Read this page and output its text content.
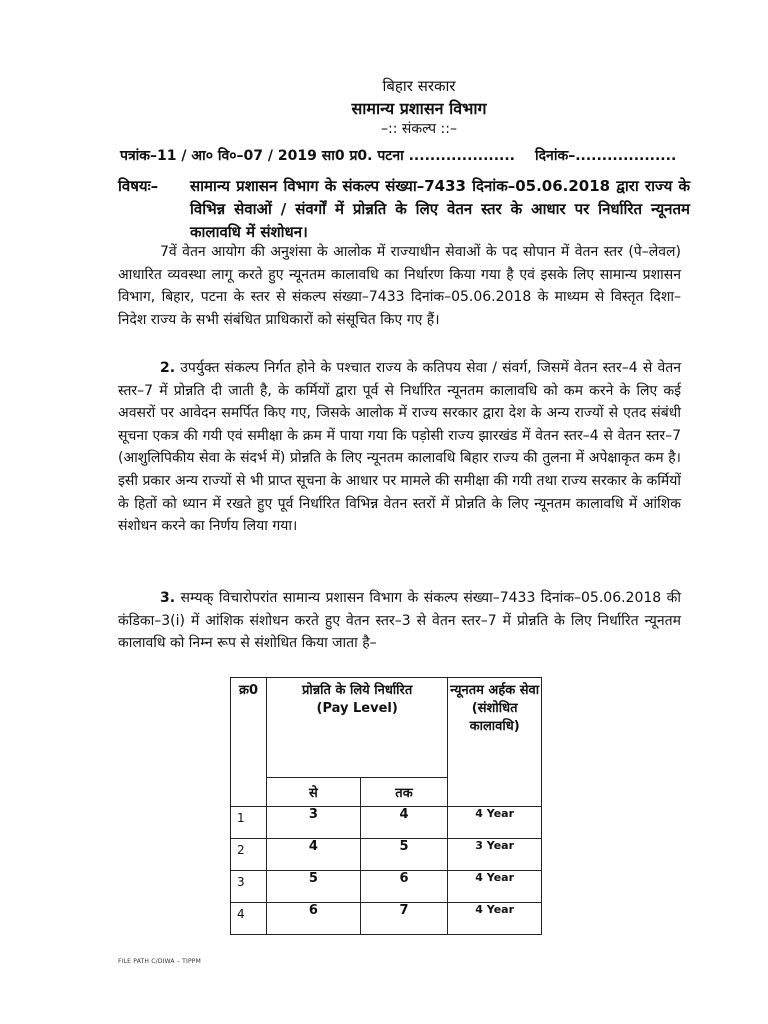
बिहार सरकार
सामान्य प्रशासन विभाग
–:: संकल्प ::–
पत्रांक–11 / आ० वि०–07 / 2019 सा0 प्र0. पटना .................... दिनांक–...................
विषयः– सामान्य प्रशासन विभाग के संकल्प संख्या–7433 दिनांक–05.06.2018 द्वारा राज्य के विभिन्न सेवाओं / संवर्गों में प्रोन्नति के लिए वेतन स्तर के आधार पर निर्धारित न्यूनतम कालावधि में संशोधन।
7वें वेतन आयोग की अनुशंसा के आलोक में राज्याधीन सेवाओं के पद सोपान में वेतन स्तर (पे–लेवल) आधारित व्यवस्था लागू करते हुए न्यूनतम कालावधि का निर्धारण किया गया है एवं इसके लिए सामान्य प्रशासन विभाग, बिहार, पटना के स्तर से संकल्प संख्या–7433 दिनांक–05.06.2018 के माध्यम से विस्तृत दिशा–निदेश राज्य के सभी संबंधित प्राधिकारों को संसूचित किए गए हैं।
2. उपर्युक्त संकल्प निर्गत होने के पश्चात राज्य के कतिपय सेवा / संवर्ग, जिसमें वेतन स्तर–4 से वेतन स्तर–7 में प्रोन्नति दी जाती है, के कर्मियों द्वारा पूर्व से निर्धारित न्यूनतम कालावधि को कम करने के लिए कई अवसरों पर आवेदन समर्पित किए गए, जिसके आलोक में राज्य सरकार द्वारा देश के अन्य राज्यों से एतद संबंधी सूचना एकत्र की गयी एवं समीक्षा के क्रम में पाया गया कि पड़ोसी राज्य झारखंड में वेतन स्तर–4 से वेतन स्तर–7 (आशुलिपिकीय सेवा के संदर्भ में) प्रोन्नति के लिए न्यूनतम कालावधि बिहार राज्य की तुलना में अपेक्षाकृत कम है। इसी प्रकार अन्य राज्यों से भी प्राप्त सूचना के आधार पर मामले की समीक्षा की गयी तथा राज्य सरकार के कर्मियों के हितों को ध्यान में रखते हुए पूर्व निर्धारित विभिन्न वेतन स्तरों में प्रोन्नति के लिए न्यूनतम कालावधि में आंशिक संशोधन करने का निर्णय लिया गया।
3. सम्यक् विचारोपरांत सामान्य प्रशासन विभाग के संकल्प संख्या–7433 दिनांक–05.06.2018 की कंडिका–3(i) में आंशिक संशोधन करते हुए वेतन स्तर–3 से वेतन स्तर–7 में प्रोन्नति के लिए निर्धारित न्यूनतम कालावधि को निम्न रूप से संशोधित किया जाता है–
क्र0	प्रोन्नति के लिये निर्धारित
(Pay Level)		न्यूनतम अर्हक सेवा (संशोधित कालावधि)
	से	तक	
1	3	4	4 Year
2	4	5	3 Year
3	5	6	4 Year
4	6	7	4 Year
FILE PATH C/DIWA – TIPPM
